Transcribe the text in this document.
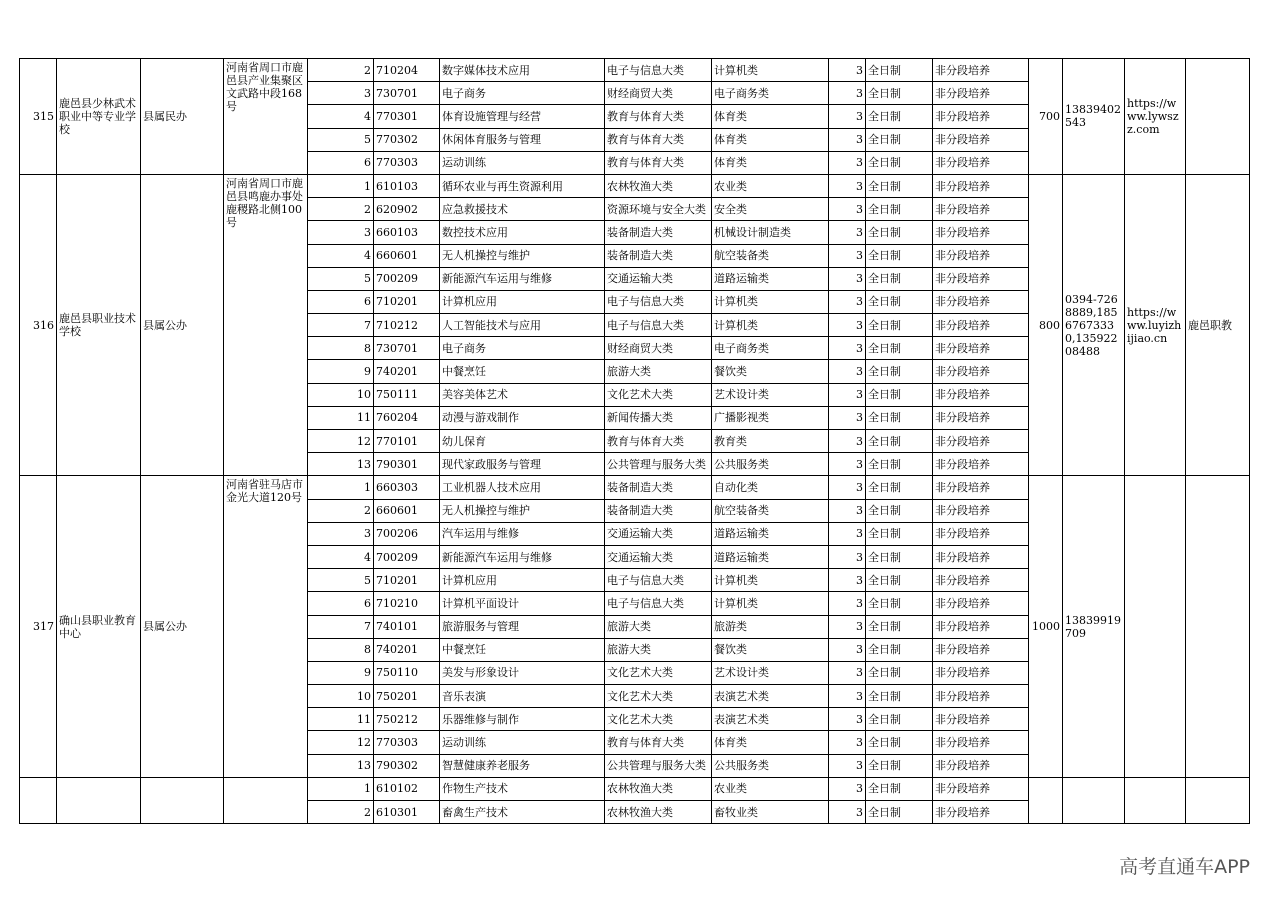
315	鹿邑县少林武术职业中等专业学校	县属民办	河南省周口市鹿邑县产业集聚区文武路中段168号	2	710204	数字媒体技术应用	电子与信息大类	计算机类	3	全日制	非分段培养	700	13839402543	https://www.lywszz.com	
				3	730701	电子商务	财经商贸大类	电子商务类	3	全日制	非分段培养				
				4	770301	体育设施管理与经营	教育与体育大类	体育类	3	全日制	非分段培养				
				5	770302	休闲体育服务与管理	教育与体育大类	体育类	3	全日制	非分段培养				
				6	770303	运动训练	教育与体育大类	体育类	3	全日制	非分段培养				
316	鹿邑县职业技术学校	县属公办	河南省周口市鹿邑县鸣鹿办事处鹿稷路北侧100号	1	610103	循环农业与再生资源利用	农林牧渔大类	农业类	3	全日制	非分段培养	800	0394-7268889,18567673330,13592208488	https://www.luyizhijiao.cn	鹿邑职教
				2	620902	应急救援技术	资源环境与安全大类	安全类	3	全日制	非分段培养				
				3	660103	数控技术应用	装备制造大类	机械设计制造类	3	全日制	非分段培养				
				4	660601	无人机操控与维护	装备制造大类	航空装备类	3	全日制	非分段培养				
				5	700209	新能源汽车运用与维修	交通运输大类	道路运输类	3	全日制	非分段培养				
				6	710201	计算机应用	电子与信息大类	计算机类	3	全日制	非分段培养				
				7	710212	人工智能技术与应用	电子与信息大类	计算机类	3	全日制	非分段培养				
				8	730701	电子商务	财经商贸大类	电子商务类	3	全日制	非分段培养				
				9	740201	中餐烹饪	旅游大类	餐饮类	3	全日制	非分段培养				
				10	750111	美容美体艺术	文化艺术大类	艺术设计类	3	全日制	非分段培养				
				11	760204	动漫与游戏制作	新闻传播大类	广播影视类	3	全日制	非分段培养				
				12	770101	幼儿保育	教育与体育大类	教育类	3	全日制	非分段培养				
				13	790301	现代家政服务与管理	公共管理与服务大类	公共服务类	3	全日制	非分段培养				
317	确山县职业教育中心	县属公办	河南省驻马店市金光大道120号	1	660303	工业机器人技术应用	装备制造大类	自动化类	3	全日制	非分段培养	1000	13839919709		
				2	660601	无人机操控与维护	装备制造大类	航空装备类	3	全日制	非分段培养				
				3	700206	汽车运用与维修	交通运输大类	道路运输类	3	全日制	非分段培养				
				4	700209	新能源汽车运用与维修	交通运输大类	道路运输类	3	全日制	非分段培养				
				5	710201	计算机应用	电子与信息大类	计算机类	3	全日制	非分段培养				
				6	710210	计算机平面设计	电子与信息大类	计算机类	3	全日制	非分段培养				
				7	740101	旅游服务与管理	旅游大类	旅游类	3	全日制	非分段培养				
				8	740201	中餐烹饪	旅游大类	餐饮类	3	全日制	非分段培养				
				9	750110	美发与形象设计	文化艺术大类	艺术设计类	3	全日制	非分段培养				
				10	750201	音乐表演	文化艺术大类	表演艺术类	3	全日制	非分段培养				
				11	750212	乐器维修与制作	文化艺术大类	表演艺术类	3	全日制	非分段培养				
				12	770303	运动训练	教育与体育大类	体育类	3	全日制	非分段培养				
				13	790302	智慧健康养老服务	公共管理与服务大类	公共服务类	3	全日制	非分段培养				
				1	610102	作物生产技术	农林牧渔大类	农业类	3	全日制	非分段培养				
				2	610301	畜禽生产技术	农林牧渔大类	畜牧业类	3	全日制	非分段培养				
高考直通车APP
